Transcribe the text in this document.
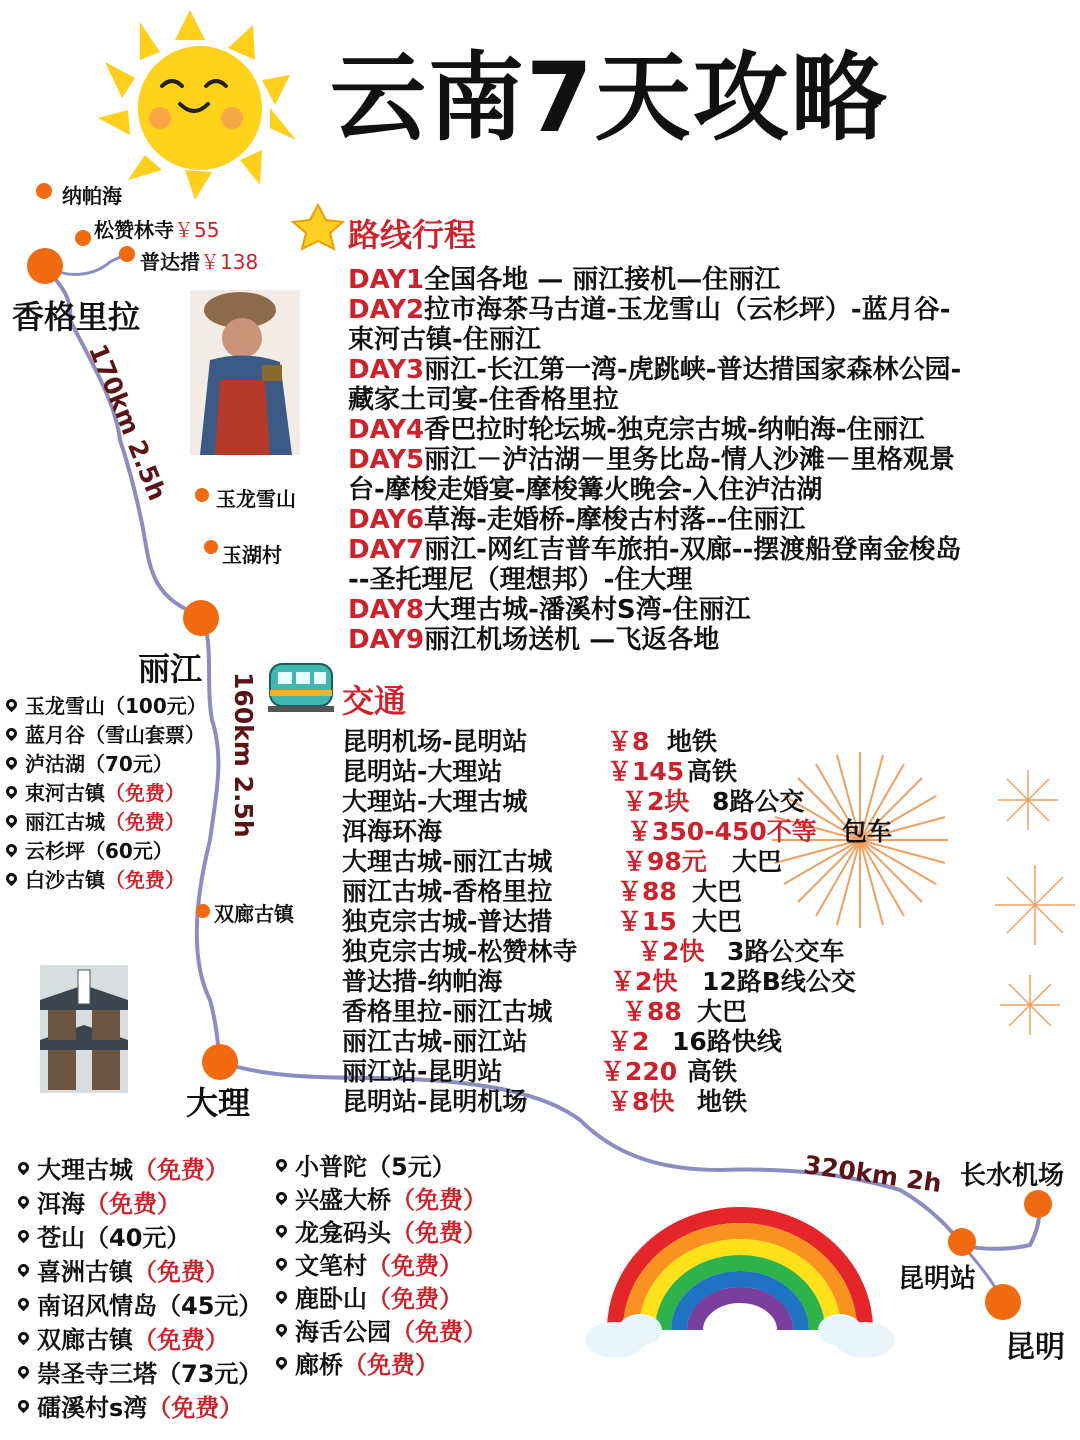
云南7天攻略
纳帕海
松赞林寺￥55
普达措￥138
玉龙雪山
玉湖村
双廊古镇
香格里拉
丽江
大理
长水机场
昆明站
昆明
170km 2.5h
160km 2.5h
320km 2h
路线行程
DAY1全国各地 — 丽江接机—住丽江
DAY2拉市海茶马古道-玉龙雪山（云杉坪）-蓝月谷-
束河古镇-住丽江
DAY3丽江-长江第一湾-虎跳峡-普达措国家森林公园-
藏家土司宴-住香格里拉
DAY4香巴拉时轮坛城-独克宗古城-纳帕海-住丽江
DAY5丽江－泸沽湖－里务比岛-情人沙滩－里格观景
台-摩梭走婚宴-摩梭篝火晚会-入住泸沽湖
DAY6草海-走婚桥-摩梭古村落--住丽江
DAY7丽江-网红吉普车旅拍-双廊--摆渡船登南金梭岛
--圣托理尼（理想邦）-住大理
DAY8大理古城-潘溪村S湾-住丽江
DAY9丽江机场送机 —飞返各地
交通
昆明机场-昆明站	￥8 地铁
昆明站-大理站	￥145 高铁
大理站-大理古城	￥2块 8路公交
洱海环海	￥350-450不等 包车
大理古城-丽江古城	￥98元 大巴
丽江古城-香格里拉	￥88 大巴
独克宗古城-普达措	￥15 大巴
独克宗古城-松赞林寺 ￥2快 3路公交车
普达措-纳帕海	￥2快 12路B线公交
香格里拉-丽江古城	￥88 大巴
丽江古城-丽江站	￥2 16路快线
丽江站-昆明站	￥220 高铁
昆明站-昆明机场	￥8快 地铁
玉龙雪山 （100元）
蓝月谷 （雪山套票）
泸沽湖 （70元）
束河古镇 （免费）
丽江古城 （免费）
云杉坪 （60元）
白沙古镇 （免费）
大理古城 （免费）
洱海 （免费）
苍山 （40元）
喜洲古镇 （免费）
南诏风情岛 （45元）
双廊古镇 （免费）
崇圣寺三塔 （73元）
礌溪村s湾 （免费）
小普陀 （5元）
兴盛大桥 （免费）
龙龛码头 （免费）
文笔村 （免费）
鹿卧山 （免费）
海舌公园 （免费）
廊桥 （免费）
